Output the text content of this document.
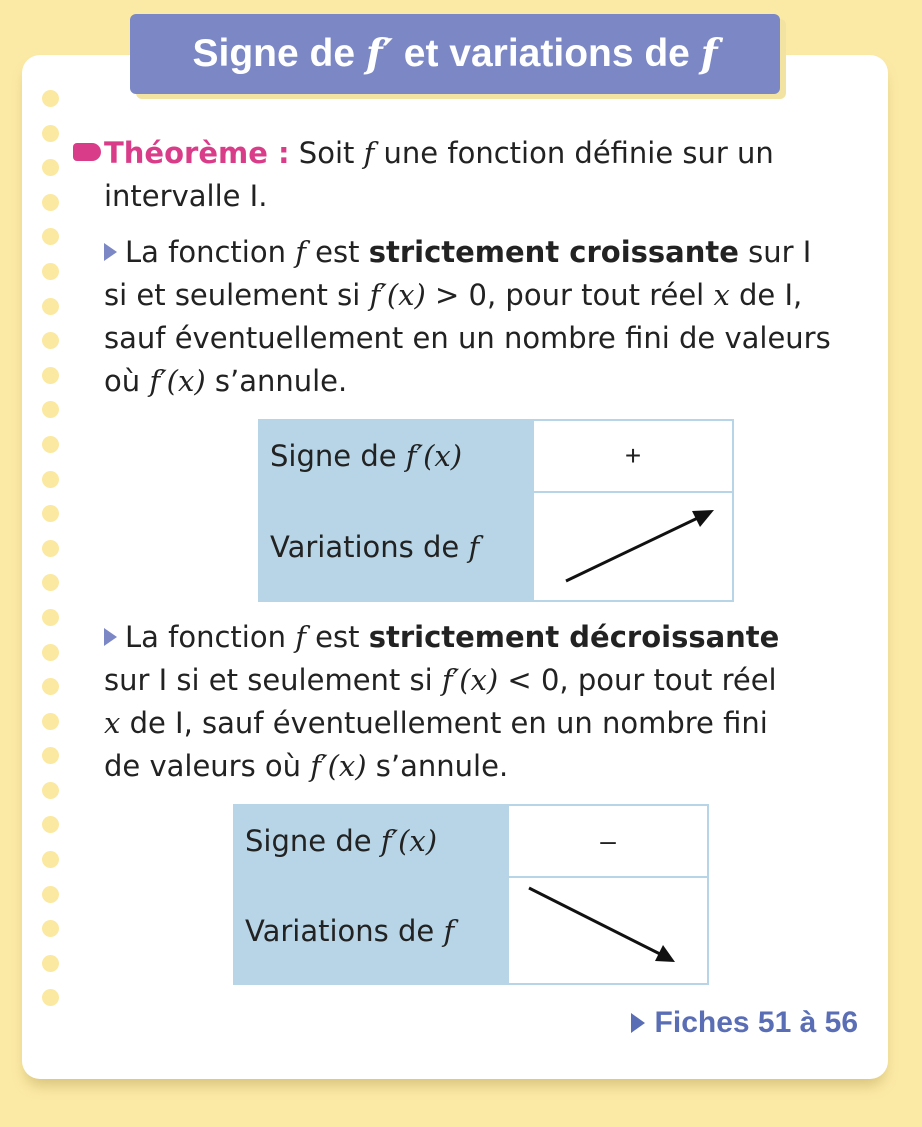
Signe de f ′ et variations de f
Théorème : Soit f une fonction définie sur un
intervalle I.
La fonction f est strictement croissante sur I
si et seulement si f′(x) > 0, pour tout réel x de I,
sauf éventuellement en un nombre fini de valeurs
où f′(x) s’annule.
Signe de f′(x)	+
Variations de f	
La fonction f est strictement décroissante
sur I si et seulement si f′(x) < 0, pour tout réel
x de I, sauf éventuellement en un nombre fini
de valeurs où f′(x) s’annule.
Signe de f′(x)	–
Variations de f	
Fiches 51 à 56
